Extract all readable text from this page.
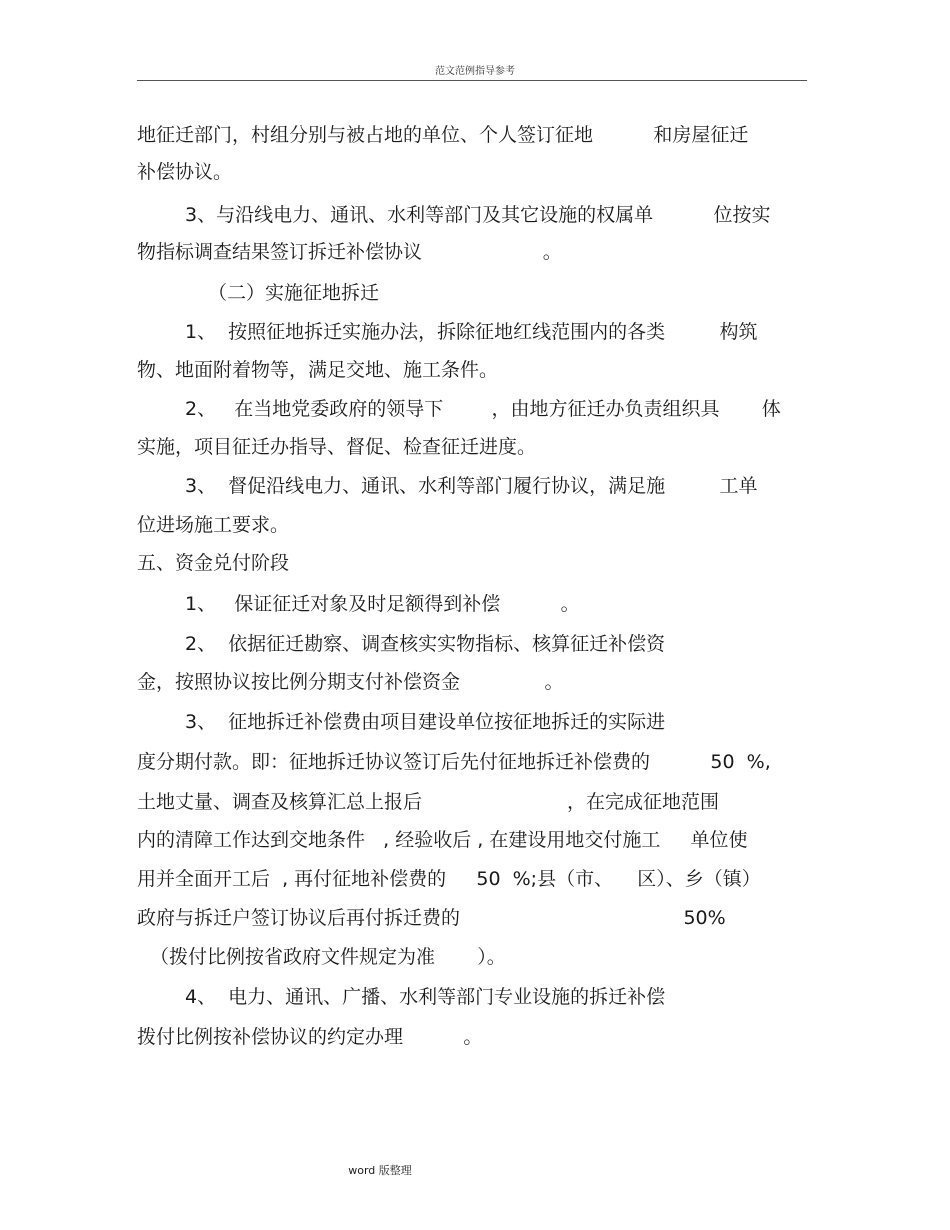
范文范例指导参考
地征迁部门，村组分别与被占地的单位、个人签订征地          和房屋征迁
补偿协议。
3、与沿线电力、通讯、水利等部门及其它设施的权属单          位按实
物指标调查结果签订拆迁补偿协议                    。
（二）实施征地拆迁
1、  按照征地拆迁实施办法，拆除征地红线范围内的各类         构筑
物、地面附着物等，满足交地、施工条件。
2、   在当地党委政府的领导下        ，由地方征迁办负责组织具       体
实施，项目征迁办指导、督促、检查征迁进度。
3、  督促沿线电力、通讯、水利等部门履行协议，满足施         工单
位进场施工要求。
五、资金兑付阶段
1、   保证征迁对象及时足额得到补偿          。
2、  依据征迁勘察、调查核实实物指标、核算征迁补偿资
金，按照协议按比例分期支付补偿资金              。
3、  征地拆迁补偿费由项目建设单位按征地拆迁的实际进
度分期付款。即：征地拆迁协议签订后先付征地拆迁补偿费的          50  %,
土地丈量、调查及核算汇总上报后                        ，在完成征地范围
内的清障工作达到交地条件   , 经验收后 , 在建设用地交付施工     单位使
用并全面开工后  , 再付征地补偿费的     50  %;县（市、    区）、乡（镇）
政府与拆迁户签订协议后再付拆迁费的                                     50%
（拨付比例按省政府文件规定为准       ）。
4、  电力、通讯、广播、水利等部门专业设施的拆迁补偿
拨付比例按补偿协议的约定办理          。
word 版整理
